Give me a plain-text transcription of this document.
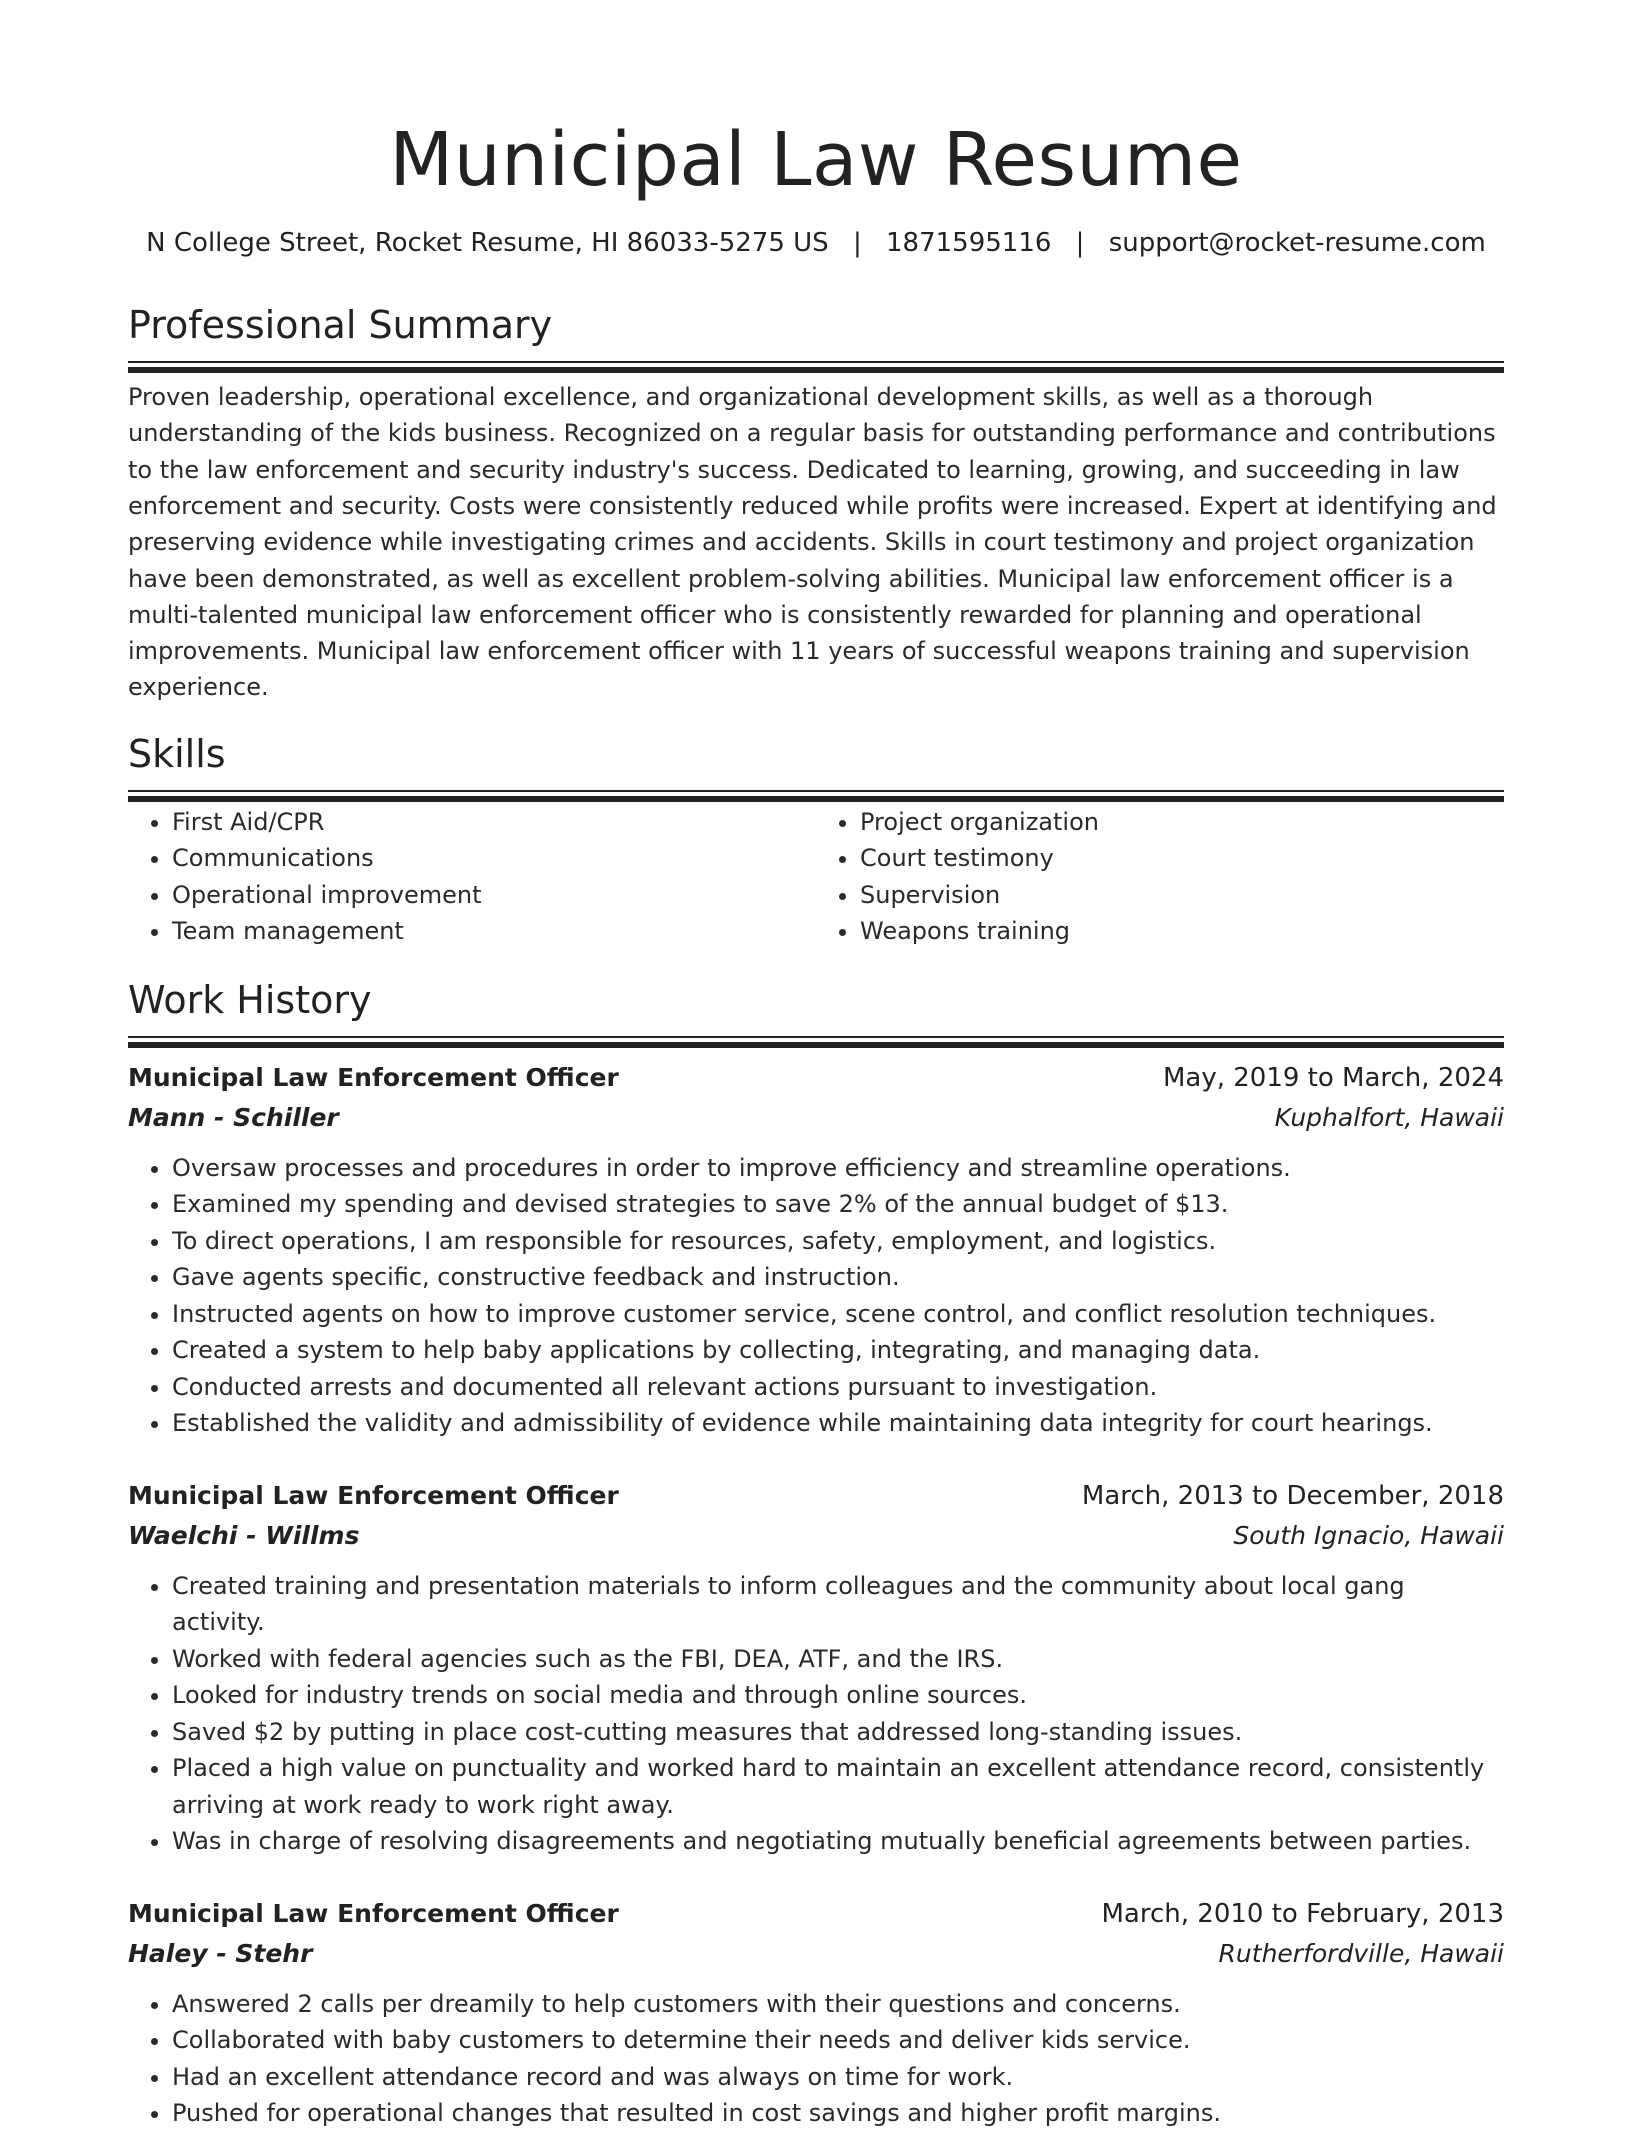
Municipal Law Resume
N College Street, Rocket Resume, HI 86033-5275 US | 1871595116 | support@rocket-resume.com
Professional Summary

Proven leadership, operational excellence, and organizational development skills, as well as a thorough understanding of the kids business. Recognized on a regular basis for outstanding performance and contributions to the law enforcement and security industry's success. Dedicated to learning, growing, and succeeding in law enforcement and security. Costs were consistently reduced while profits were increased. Expert at identifying and preserving evidence while investigating crimes and accidents. Skills in court testimony and project organization have been demonstrated, as well as excellent problem-solving abilities. Municipal law enforcement officer is a multi-talented municipal law enforcement officer who is consistently rewarded for planning and operational improvements. Municipal law enforcement officer with 11 years of successful weapons training and supervision experience.

Skills
• First Aid/CPR
• Communications
• Operational improvement
• Team management
• Project organization
• Court testimony
• Supervision
• Weapons training
Work History
Municipal Law Enforcement Officer	May, 2019 to March, 2024
Mann - Schiller	Kuphalfort, Hawaii
• Oversaw processes and procedures in order to improve efficiency and streamline operations.
• Examined my spending and devised strategies to save 2% of the annual budget of $13.
• To direct operations, I am responsible for resources, safety, employment, and logistics.
• Gave agents specific, constructive feedback and instruction.
• Instructed agents on how to improve customer service, scene control, and conflict resolution techniques.
• Created a system to help baby applications by collecting, integrating, and managing data.
• Conducted arrests and documented all relevant actions pursuant to investigation.
• Established the validity and admissibility of evidence while maintaining data integrity for court hearings.
Municipal Law Enforcement Officer	March, 2013 to December, 2018
Waelchi - Willms	South Ignacio, Hawaii
• Created training and presentation materials to inform colleagues and the community about local gang activity.
• Worked with federal agencies such as the FBI, DEA, ATF, and the IRS.
• Looked for industry trends on social media and through online sources.
• Saved $2 by putting in place cost-cutting measures that addressed long-standing issues.
• Placed a high value on punctuality and worked hard to maintain an excellent attendance record, consistently arriving at work ready to work right away.
• Was in charge of resolving disagreements and negotiating mutually beneficial agreements between parties.
Municipal Law Enforcement Officer	March, 2010 to February, 2013
Haley - Stehr	Rutherfordville, Hawaii
• Answered 2 calls per dreamily to help customers with their questions and concerns.
• Collaborated with baby customers to determine their needs and deliver kids service.
• Had an excellent attendance record and was always on time for work.
• Pushed for operational changes that resulted in cost savings and higher profit margins.
